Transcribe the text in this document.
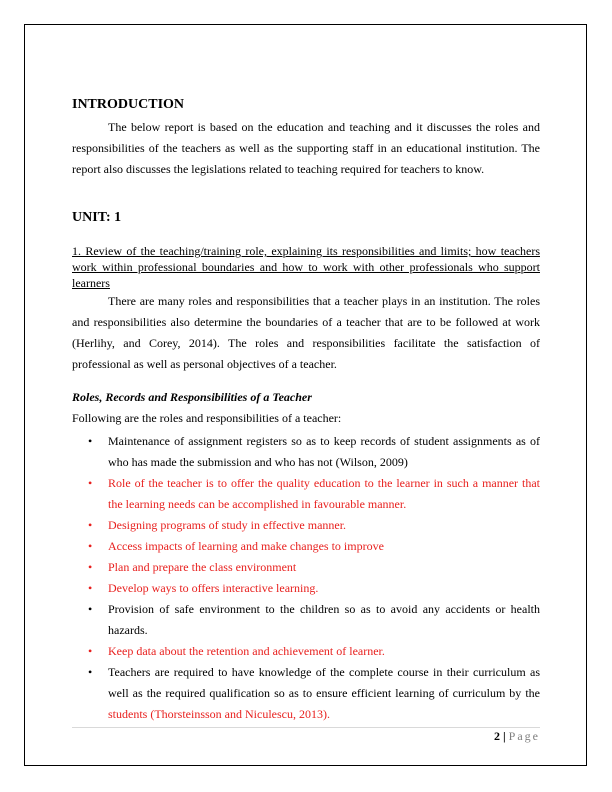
INTRODUCTION

The below report is based on the education and teaching and it discusses the roles and responsibilities of the teachers as well as the supporting staff in an educational institution. The report also discusses the legislations related to teaching required for teachers to know.

UNIT: 1

1. Review of the teaching/training role, explaining its responsibilities and limits; how teachers work within professional boundaries and how to work with other professionals who support learners

There are many roles and responsibilities that a teacher plays in an institution. The roles and responsibilities also determine the boundaries of a teacher that are to be followed at work (Herlihy, and Corey, 2014). The roles and responsibilities facilitate the satisfaction of professional as well as personal objectives of a teacher.

Roles, Records and Responsibilities of a Teacher

Following are the roles and responsibilities of a teacher:

• Maintenance of assignment registers so as to keep records of student assignments as of who has made the submission and who has not (Wilson, 2009)
• Role of the teacher is to offer the quality education to the learner in such a manner that the learning needs can be accomplished in favourable manner.
• Designing programs of study in effective manner.
• Access impacts of learning and make changes to improve
• Plan and prepare the class environment
• Develop ways to offers interactive learning.
• Provision of safe environment to the children so as to avoid any accidents or health hazards.
• Keep data about the retention and achievement of learner.
• Teachers are required to have knowledge of the complete course in their curriculum as well as the required qualification so as to ensure efficient learning of curriculum by the students (Thorsteinsson and Niculescu, 2013).
2 | Page
